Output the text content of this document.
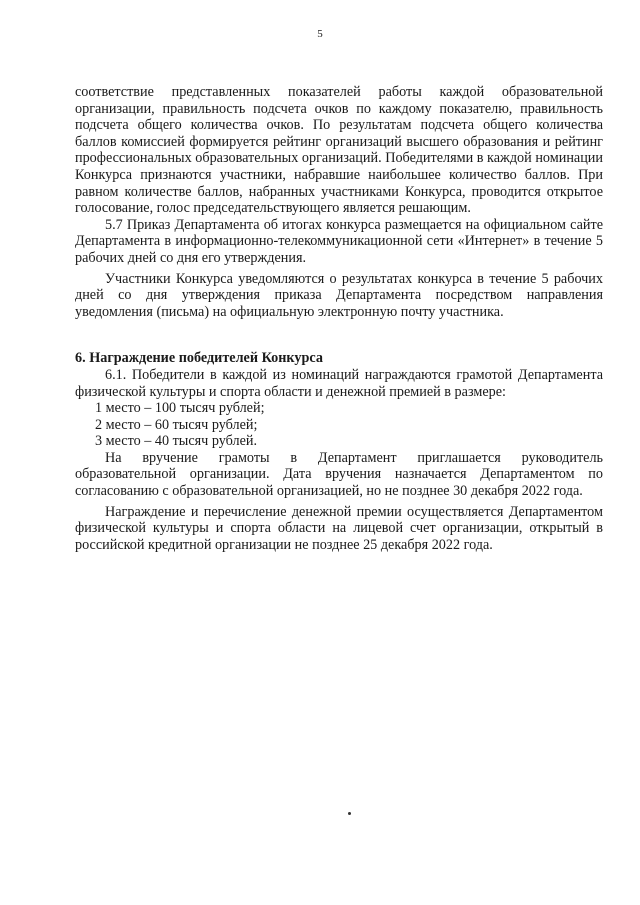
5

соответствие представленных показателей работы каждой образовательной организации, правильность подсчета очков по каждому показателю, правильность подсчета общего количества очков. По результатам подсчета общего количества баллов комиссией формируется рейтинг организаций высшего образования и рейтинг профессиональных образовательных организаций. Победителями в каждой номинации Конкурса признаются участники, набравшие наибольшее количество баллов. При равном количестве баллов, набранных участниками Конкурса, проводится открытое голосование, голос председательствующего является решающим.

5.7 Приказ Департамента об итогах конкурса размещается на официальном сайте Департамента в информационно-телекоммуникационной сети «Интернет» в течение 5 рабочих дней со дня его утверждения.

Участники Конкурса уведомляются о результатах конкурса в течение 5 рабочих дней со дня утверждения приказа Департамента посредством направления уведомления (письма) на официальную электронную почту участника.

6. Награждение победителей Конкурса

6.1. Победители в каждой из номинаций награждаются грамотой Департамента физической культуры и спорта области и денежной премией в размере:

1 место – 100 тысяч рублей;

2 место – 60 тысяч рублей;

3 место – 40 тысяч рублей.

На вручение грамоты в Департамент приглашается руководитель образовательной организации. Дата вручения назначается Департаментом по согласованию с образовательной организацией, но не позднее 30 декабря 2022 года.

Награждение и перечисление денежной премии осуществляется Департаментом физической культуры и спорта области на лицевой счет организации, открытый в российской кредитной организации не позднее 25 декабря 2022 года.
